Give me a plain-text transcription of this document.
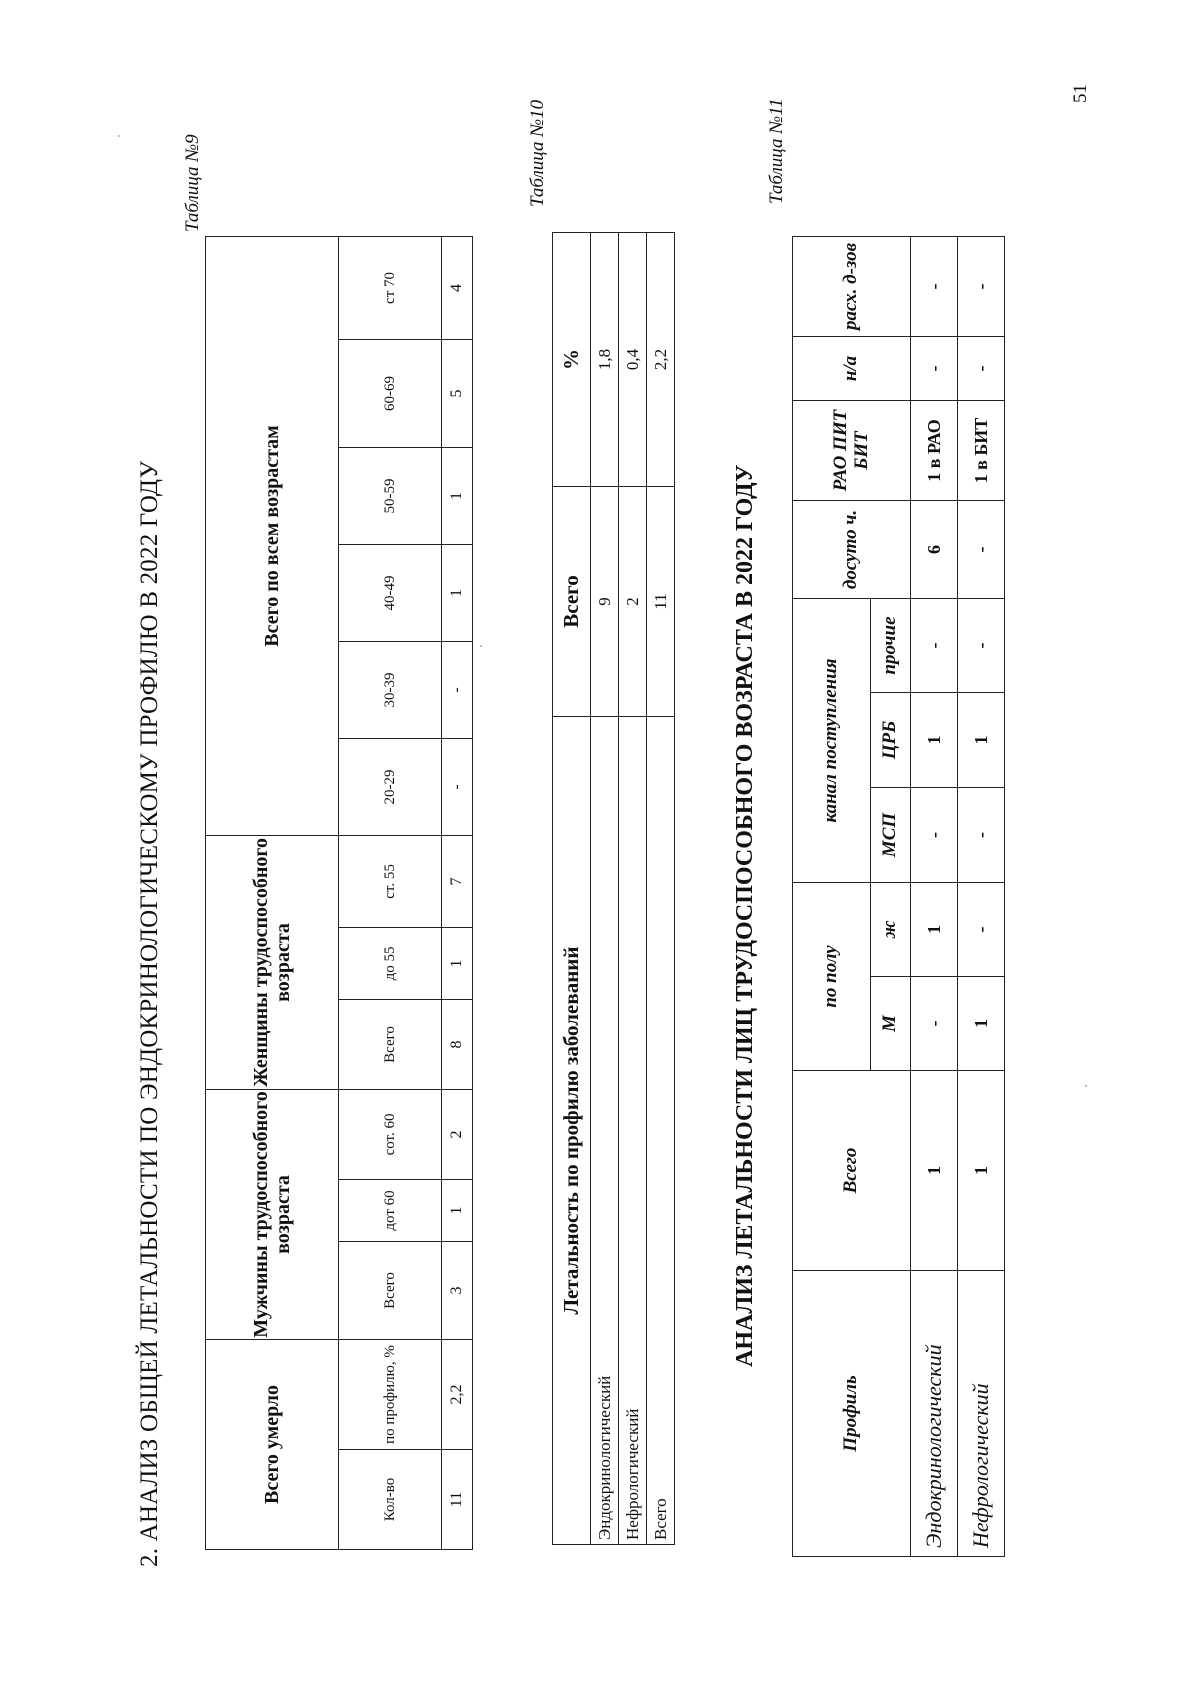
51
2. АНАЛИЗ ОБЩЕЙ ЛЕТАЛЬНОСТИ ПО ЭНДОКРИНОЛОГИЧЕСКОМУ ПРОФИЛЮ В 2022 ГОДУ
Таблица №9
Всего умерло		Мужчины трудоспособного возраста			Женщины трудоспособного возраста			Всего по всем возрастам					
Кол-во	по профилю, %	Всего	дот 60	сот. 60	Всего	до 55	ст. 55	20-29	30-39	40-49	50-59	60-69	ст 70
11	2,2	3	1	2	8	1	7	-	-	1	1	5	4
Таблица №10
Летальность по профилю заболеваний	Всего	%
Эндокринологический	9	1,8
Нефрологический	2	0,4
Всего	11	2,2
АНАЛИЗ ЛЕТАЛЬНОСТИ ЛИЦ ТРУДОСПОСОБНОГО ВОЗРАСТА В 2022 ГОДУ
Таблица №11
Профиль	Всего	по полу		канал поступления			досуто ч.	РАО ПИТ БИТ	н/а	расх. д-зов
		М	ж	МСП	ЦРБ	прочие				
Эндокринологический	1	-	1	-	1	-	6	1 в РАО	-	-
Нефрологический	1	1	-	-	1	-	-	1 в БИТ	-	-
